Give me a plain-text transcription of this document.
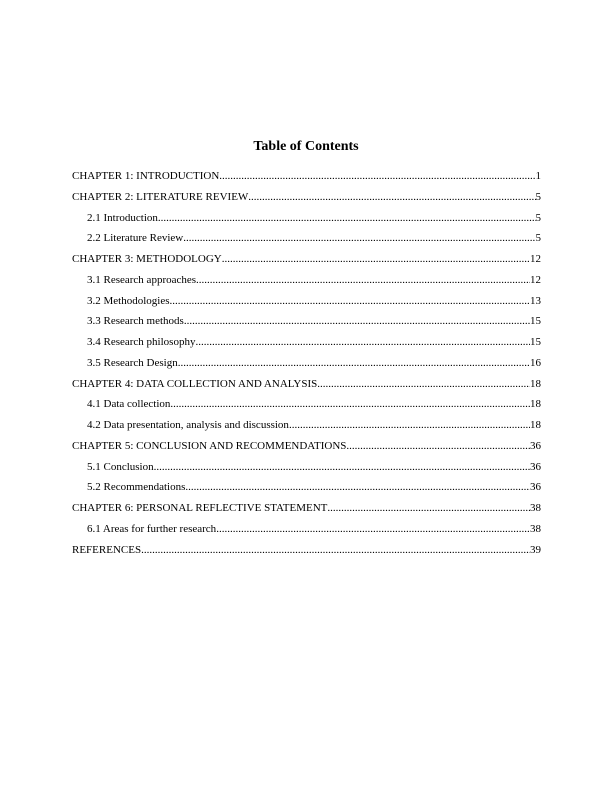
Table of Contents
CHAPTER 1: INTRODUCTION .....	1
CHAPTER 2: LITERATURE REVIEW .....	5
2.1 Introduction .....	5
2.2 Literature Review .....	5
CHAPTER 3: METHODOLOGY .....	12
3.1 Research approaches .....	12
3.2 Methodologies .....	13
3.3 Research methods .....	15
3.4 Research philosophy .....	15
3.5 Research Design .....	16
CHAPTER 4: DATA COLLECTION AND ANALYSIS .....	18
4.1 Data collection .....	18
4.2 Data presentation, analysis and discussion .....	18
CHAPTER 5: CONCLUSION AND RECOMMENDATIONS .....	36
5.1 Conclusion .....	36
5.2 Recommendations .....	36
CHAPTER 6: PERSONAL REFLECTIVE STATEMENT .....	38
6.1 Areas for further research .....	38
REFERENCES .....	39
